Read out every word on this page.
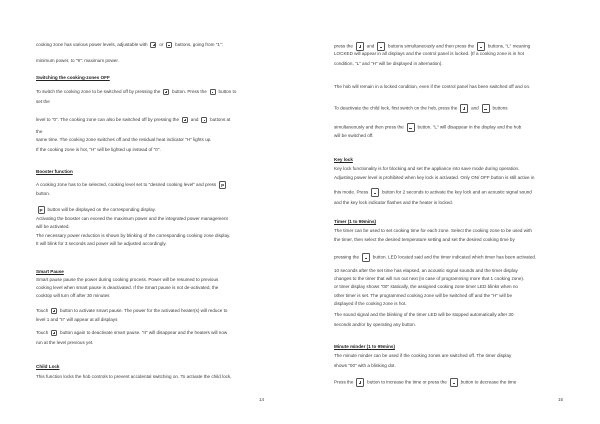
cooking zone has various power levels, adjustable with  or  buttons, going from "1":
minimum power, to "9": maximum power.
Switching the cooking-zones OFF
To switch the cooking zone to be switched off by pressing the  button. Press the  button to
set the
level to "0". The cooking zone can also be switched off by pressing the  and  buttons at
the
same time. The cooking zone switches off and the residual heat indicator "H" lights up.
If the cooking zone is hot, "H" will be lighted up instead of "0".
Booster function
A cooking zone has to be selected, cooking level set to "desired cooking level" and press P
button.
P button will be displayed on the corresponding display.
Activating the booster can exceed the maximum power and the integrated power management
will be activated.
The necessary power reduction is shown by blinking of the corresponding cooking zone display.
It will blink for 3 seconds and power will be adjusted accordingly.
Smart Pause
Smart pause pause the power during cooking process. Power will be resumed to previous
cooking level when smart pause is deactivated. If the Smart pause is not de-activated, the
cooktop will turn off after 30 minutes
Touch  button to activate smart pause. The power for the activated heater(s) will reduce to
level 1 and "II" will appear at all displays
Touch  button again to deactivate smart pause. "II" will disappear and the heaters will now
run at the level previous yet.
Child Lock
This function locks the hob controls to prevent accidental switching on. To activate the child lock,
14
press the  and  buttons simultaneously and then press the  buttons, "L" meaning
LOCKED will appear in all displays and the control panel is locked. (If a cooking zone is in hot
condition, "L" and "H" will be displayed in alternation).
The hob will remain in a locked condition, even if the control panel has been switched off and on.
To deactivate the child lock, first switch on the hob, press the  and  buttons
simultaneously and then press the  button. "L" will disappear in the display and the hob
will be switched off.
Key lock
Key lock functionality is for blocking and set the appliance into save mode during operation.
Adjusting power level is prohibited when key lock is activated. Only ON/ OFF button is still active in
this mode. Press  button for 2 seconds to activate the key lock and an acoustic signal sound
and the key lock indicator flashes and the heater is locked.
Timer (1 to 99mins)
The timer can be used to set cooking time for each zone. Select the cooking zone to be used with
the timer, then select the desired temperature setting and set the desired cooking time by
pressing the  button. LED located said and the timer indicated which timer has been activated.
10 seconds after the set time has elapsed, an acoustic signal sounds and the timer display
changes to the timer that will run out next (in case of programming more that 1 cooking zone).
or timer display shows "00" statically, the assigned cooking zone timer LED blinks when no
other timer is set. The programmed cooking zone will be switched off and the "H" will be
displayed if the cooking zone is hot.
The sound signal and the blinking of the timer LED will be stopped automatically after 30
seconds and/or by operating any button.
Minute minder (1 to 99mins)
The minute minder can be used if the cooking zones are switched off. The timer display
shows "00" with a blinking dot.
Press the  button to increase the time or press the  button to decrease the time
15
